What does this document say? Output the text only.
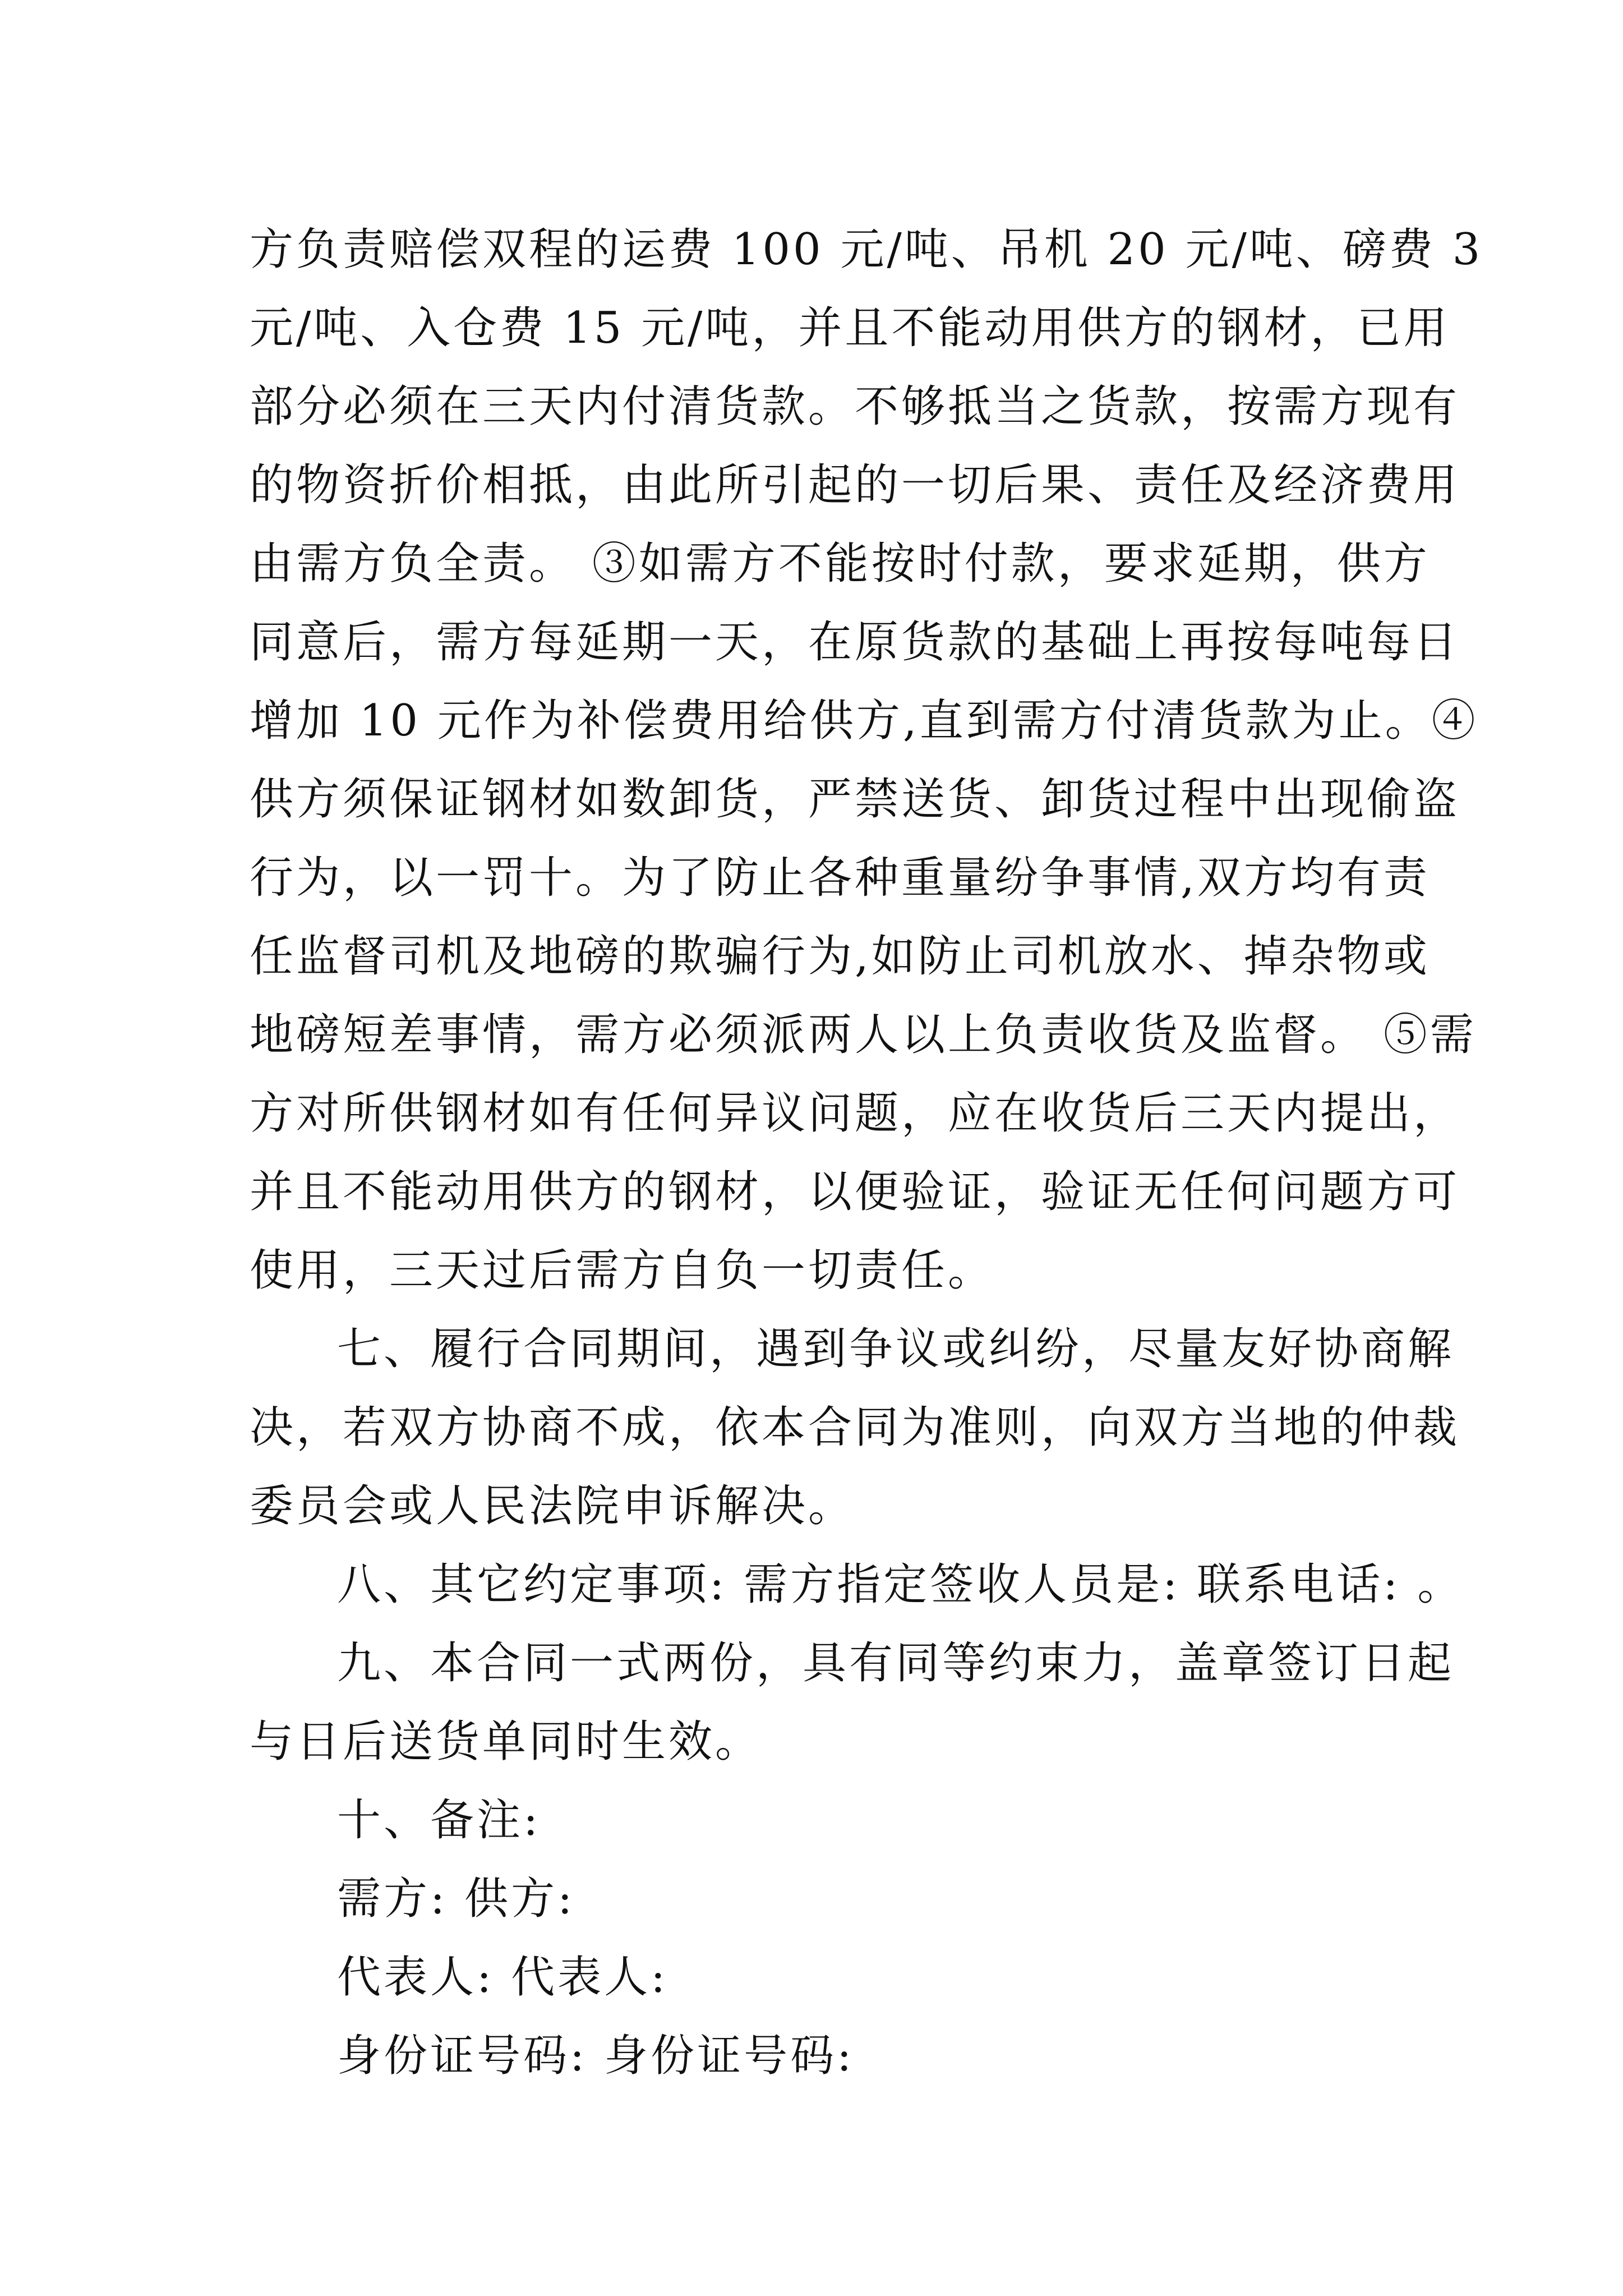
方负责赔偿双程的运费 100 元/吨、吊机 20 元/吨、磅费 3
元/吨、入仓费 15 元/吨，并且不能动用供方的钢材，已用
部分必须在三天内付清货款。不够抵当之货款，按需方现有
的物资折价相抵，由此所引起的一切后果、责任及经济费用
由需方负全责。 ③如需方不能按时付款，要求延期，供方
同意后，需方每延期一天，在原货款的基础上再按每吨每日
增加 10 元作为补偿费用给供方,直到需方付清货款为止。④
供方须保证钢材如数卸货，严禁送货、卸货过程中出现偷盗
行为，以一罚十。为了防止各种重量纷争事情,双方均有责
任监督司机及地磅的欺骗行为,如防止司机放水、掉杂物或
地磅短差事情，需方必须派两人以上负责收货及监督。 ⑤需
方对所供钢材如有任何异议问题，应在收货后三天内提出，
并且不能动用供方的钢材，以便验证，验证无任何问题方可
使用，三天过后需方自负一切责任。
七、履行合同期间，遇到争议或纠纷，尽量友好协商解
决，若双方协商不成，依本合同为准则，向双方当地的仲裁
委员会或人民法院申诉解决。
八、其它约定事项: 需方指定签收人员是: 联系电话: 。
九、本合同一式两份，具有同等约束力，盖章签订日起
与日后送货单同时生效。
十、备注:
需方: 供方:
代表人: 代表人:
身份证号码: 身份证号码:
